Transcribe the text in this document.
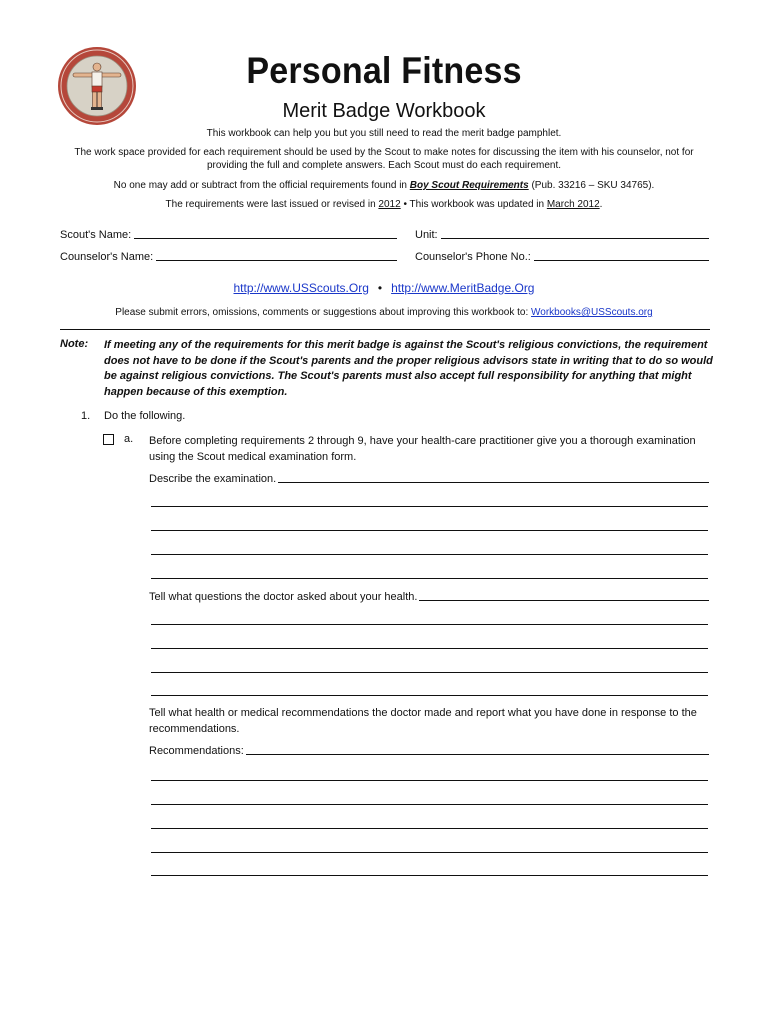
Personal Fitness
Merit Badge Workbook
This workbook can help you but you still need to read the merit badge pamphlet.
The work space provided for each requirement should be used by the Scout to make notes for discussing the item with his counselor, not for
providing the full and complete answers. Each Scout must do each requirement.
No one may add or subtract from the official requirements found in Boy Scout Requirements (Pub. 33216 – SKU 34765).
The requirements were last issued or revised in 2012 • This workbook was updated in March 2012.
Scout's Name:	Unit:
Counselor's Name:	Counselor's Phone No.:
http://www.USScouts.Org • http://www.MeritBadge.Org
Please submit errors, omissions, comments or suggestions about improving this workbook to: Workbooks@USScouts.org
Note: If meeting any of the requirements for this merit badge is against the Scout's religious convictions, the requirement does not have to be done if the Scout's parents and the proper religious advisors state in writing that to do so would be against religious convictions. The Scout's parents must also accept full responsibility for anything that might happen because of this exemption.
1. Do the following.
a. Before completing requirements 2 through 9, have your health-care practitioner give you a thorough examination using the Scout medical examination form.
Describe the examination.
Tell what questions the doctor asked about your health.
Tell what health or medical recommendations the doctor made and report what you have done in response to the recommendations.
Recommendations:
